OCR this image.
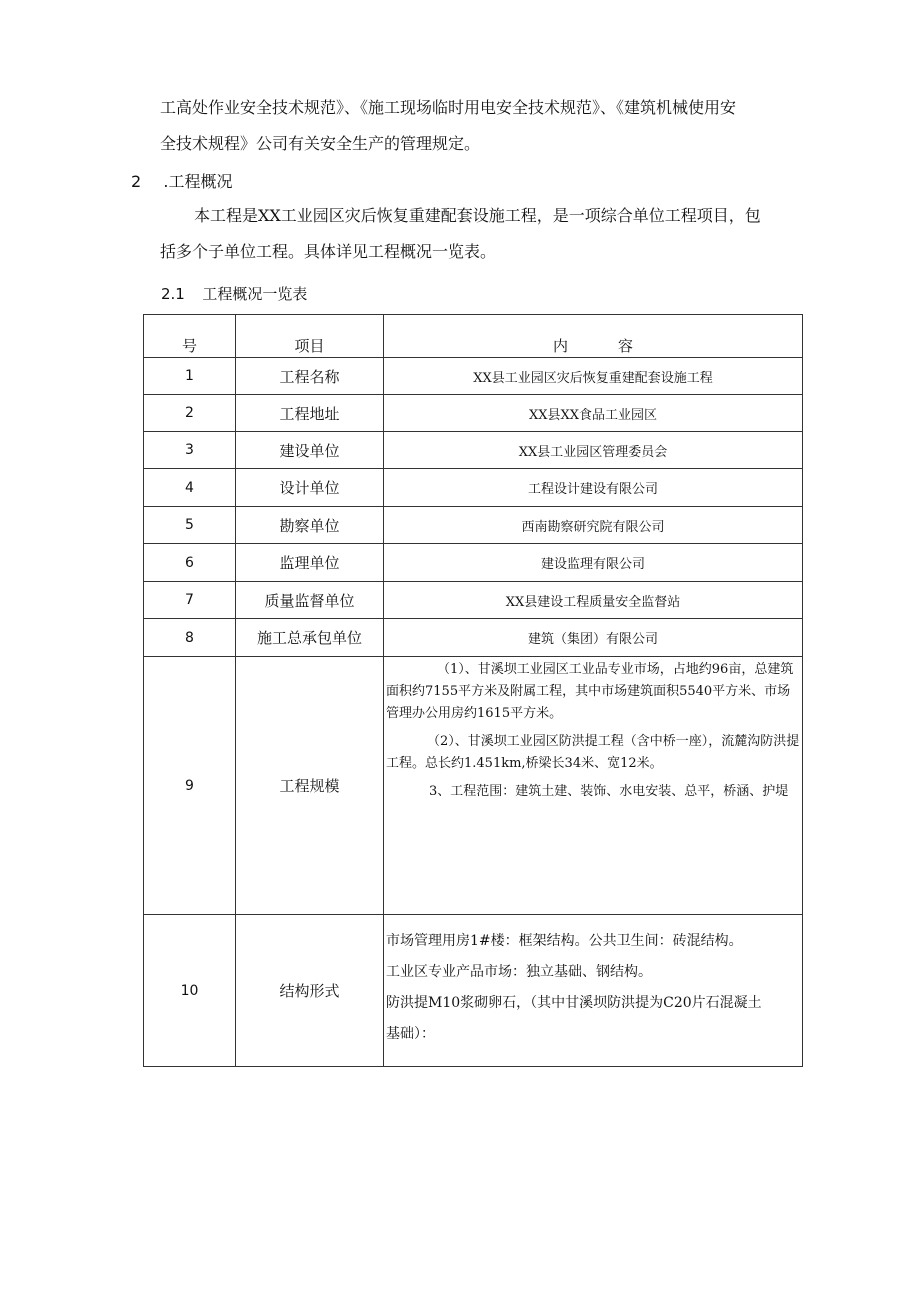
工高处作业安全技术规范》、《施工现场临时用电安全技术规范》、《建筑机械使用安

全技术规程》公司有关安全生产的管理规定。

2 .工程概况

本工程是XX工业园区灾后恢复重建配套设施工程，是一项综合单位工程项目，包

括多个子单位工程。具体详见工程概况一览表。

2.1 工程概况一览表

号	项目	内 容
1	工程名称	XX县工业园区灾后恢复重建配套设施工程
2	工程地址	XX县XX食品工业园区
3	建设单位	XX县工业园区管理委员会
4	设计单位	工程设计建设有限公司
5	勘察单位	西南勘察研究院有限公司
6	监理单位	建设监理有限公司
7	质量监督单位	XX县建设工程质量安全监督站
8	施工总承包单位	建筑（集团）有限公司
9	工程规模	（1）、甘溪坝工业园区工业品专业市场，占地约96亩，总建筑面积约7155平方米及附属工程，其中市场建筑面积5540平方米、市场管理办公用房约1615平方米。

（2）、甘溪坝工业园区防洪提工程（含中桥一座），流麓沟防洪提工程。总长约1.451km,桥梁长34米、宽12米。

3、工程范围：建筑土建、装饰、水电安装、总平，桥涵、护堤

10	结构形式	市场管理用房1#楼：框架结构。公共卫生间：砖混结构。

工业区专业产品市场：独立基础、钢结构。

防洪提M10浆砌卵石，（其中甘溪坝防洪提为C20片石混凝土

基础）：
